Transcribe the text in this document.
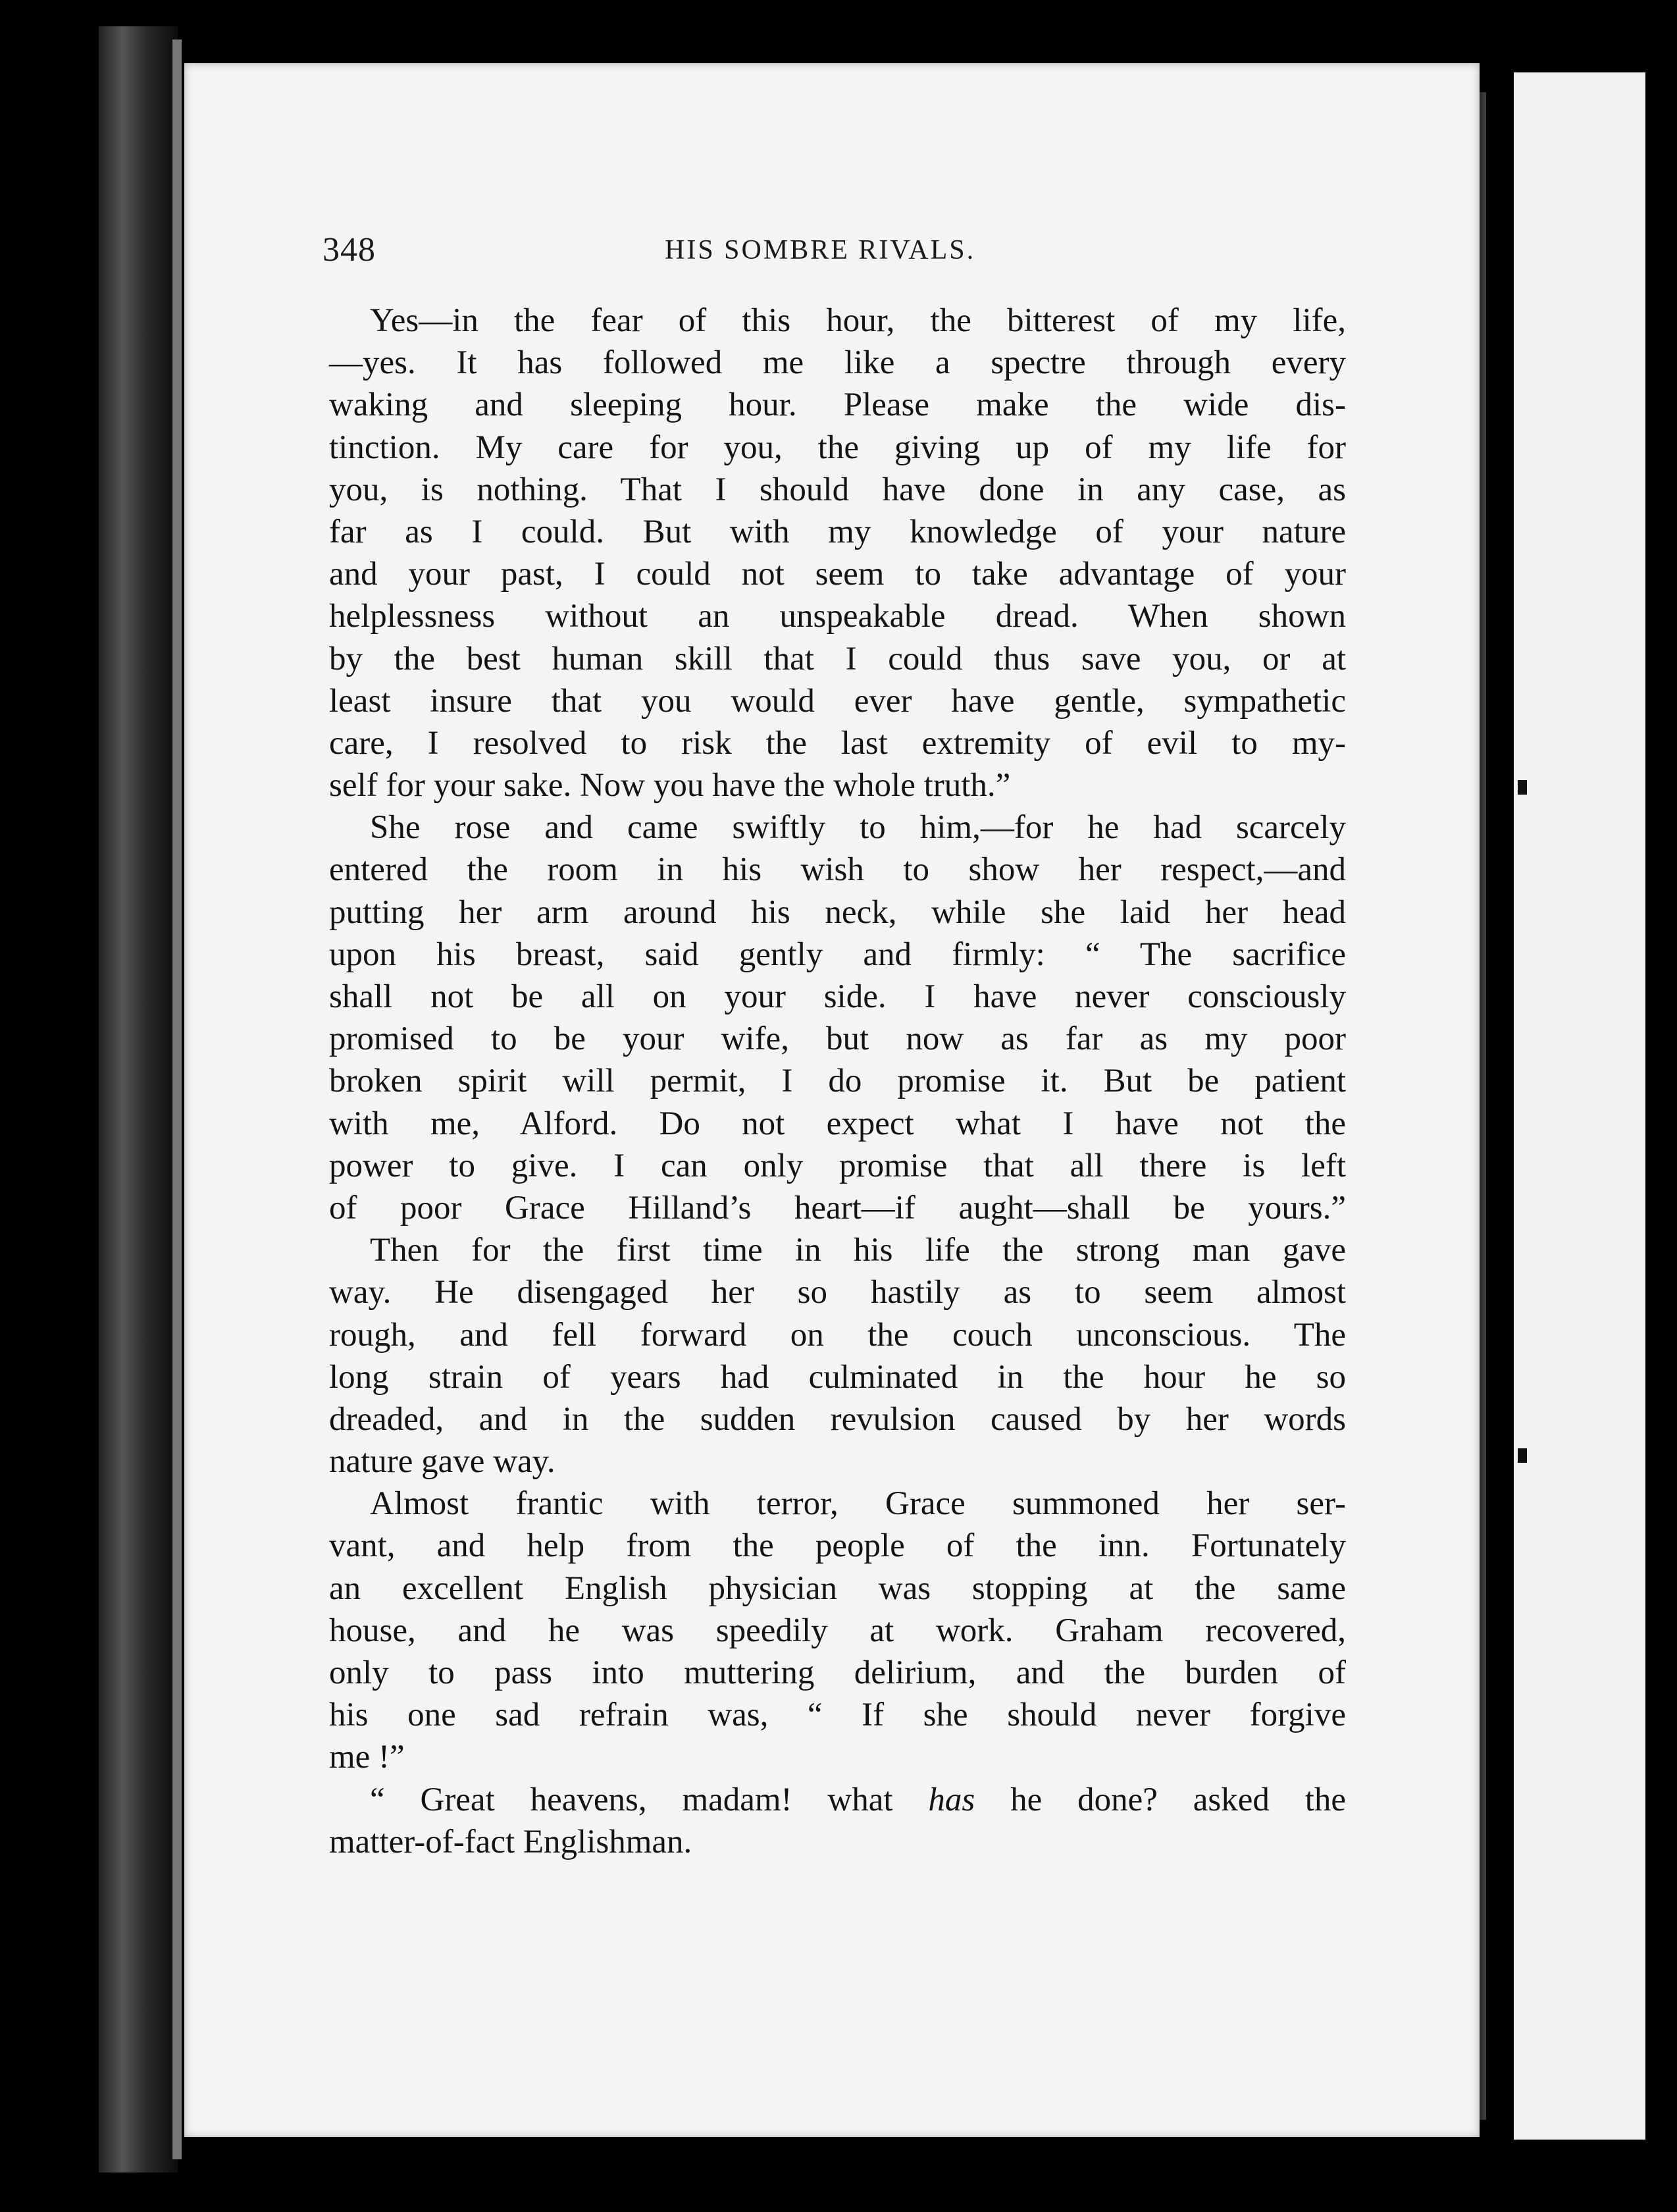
348	HIS SOMBRE RIVALS.
Yes—in the fear of this hour, the bitterest of my life,
—yes. It has followed me like a spectre through every
waking and sleeping hour. Please make the wide dis-
tinction. My care for you, the giving up of my life for
you, is nothing. That I should have done in any case, as
far as I could. But with my knowledge of your nature
and your past, I could not seem to take advantage of your
helplessness without an unspeakable dread. When shown
by the best human skill that I could thus save you, or at
least insure that you would ever have gentle, sympathetic
care, I resolved to risk the last extremity of evil to my-
self for your sake. Now you have the whole truth.”
She rose and came swiftly to him,—for he had scarcely
entered the room in his wish to show her respect,—and
putting her arm around his neck, while she laid her head
upon his breast, said gently and firmly: “ The sacrifice
shall not be all on your side. I have never consciously
promised to be your wife, but now as far as my poor
broken spirit will permit, I do promise it. But be patient
with me, Alford. Do not expect what I have not the
power to give. I can only promise that all there is left
of poor Grace Hilland’s heart—if aught—shall be yours.”
Then for the first time in his life the strong man gave
way. He disengaged her so hastily as to seem almost
rough, and fell forward on the couch unconscious. The
long strain of years had culminated in the hour he so
dreaded, and in the sudden revulsion caused by her words
nature gave way.
Almost frantic with terror, Grace summoned her ser-
vant, and help from the people of the inn. Fortunately
an excellent English physician was stopping at the same
house, and he was speedily at work. Graham recovered,
only to pass into muttering delirium, and the burden of
his one sad refrain was, “ If she should never forgive
me !”
“ Great heavens, madam! what has he done? asked the
matter-of-fact Englishman.
